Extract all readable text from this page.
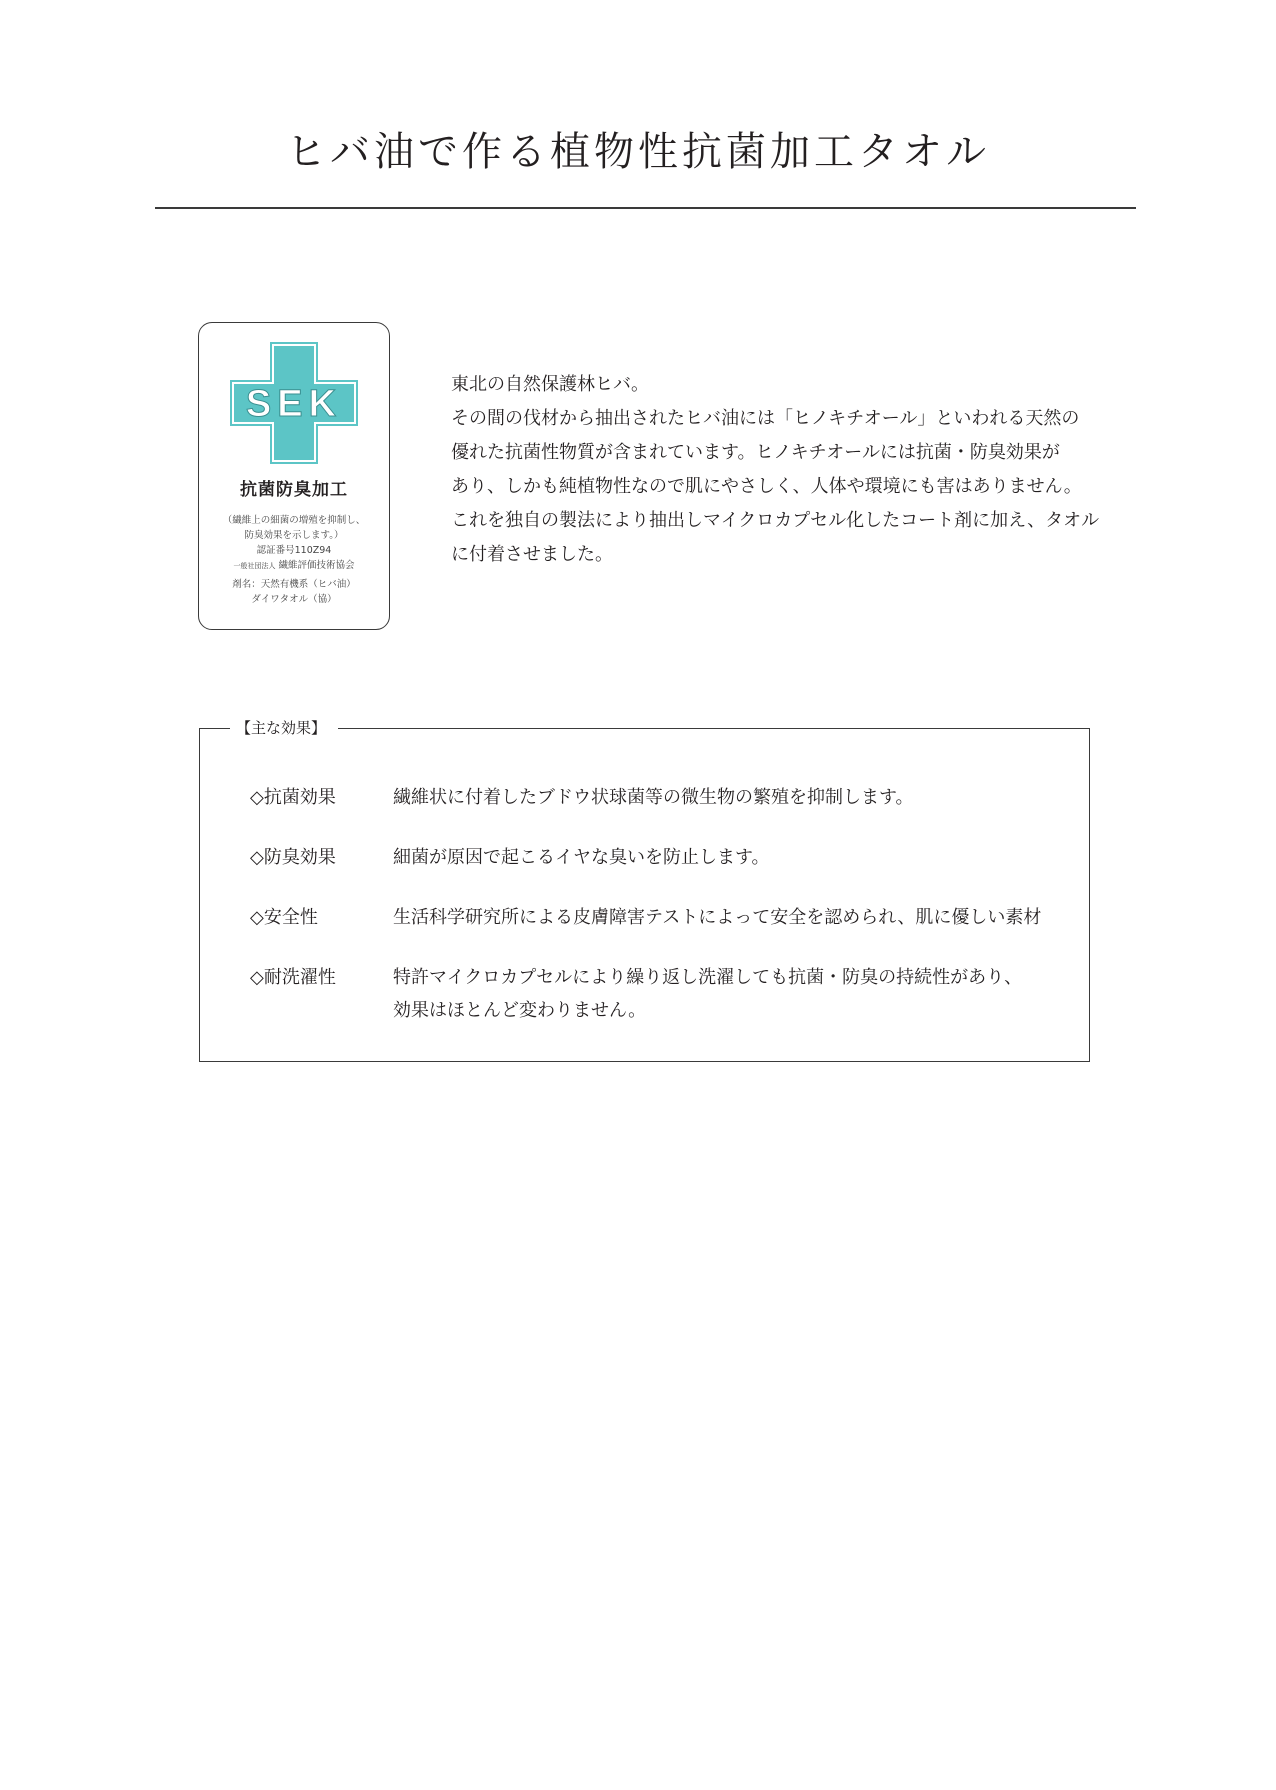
ヒバ油で作る植物性抗菌加工タオル
SEK
抗菌防臭加工
（繊維上の細菌の増殖を抑制し、
防臭効果を示します。）
認証番号110Z94
一般社団法人 繊維評価技術協会
剤名：天然有機系（ヒバ油）
ダイワタオル（協）

東北の自然保護林ヒバ。

その間の伐材から抽出されたヒバ油には「ヒノキチオール」といわれる天然の

優れた抗菌性物質が含まれています。ヒノキチオールには抗菌・防臭効果が

あり、しかも純植物性なので肌にやさしく、人体や環境にも害はありません。

これを独自の製法により抽出しマイクロカプセル化したコート剤に加え、タオル

に付着させました。

【主な効果】
◇抗菌効果	繊維状に付着したブドウ状球菌等の微生物の繁殖を抑制します。
◇防臭効果	細菌が原因で起こるイヤな臭いを防止します。
◇安全性	生活科学研究所による皮膚障害テストによって安全を認められ、肌に優しい素材
◇耐洗濯性	特許マイクロカプセルにより繰り返し洗濯しても抗菌・防臭の持続性があり、
効果はほとんど変わりません。
